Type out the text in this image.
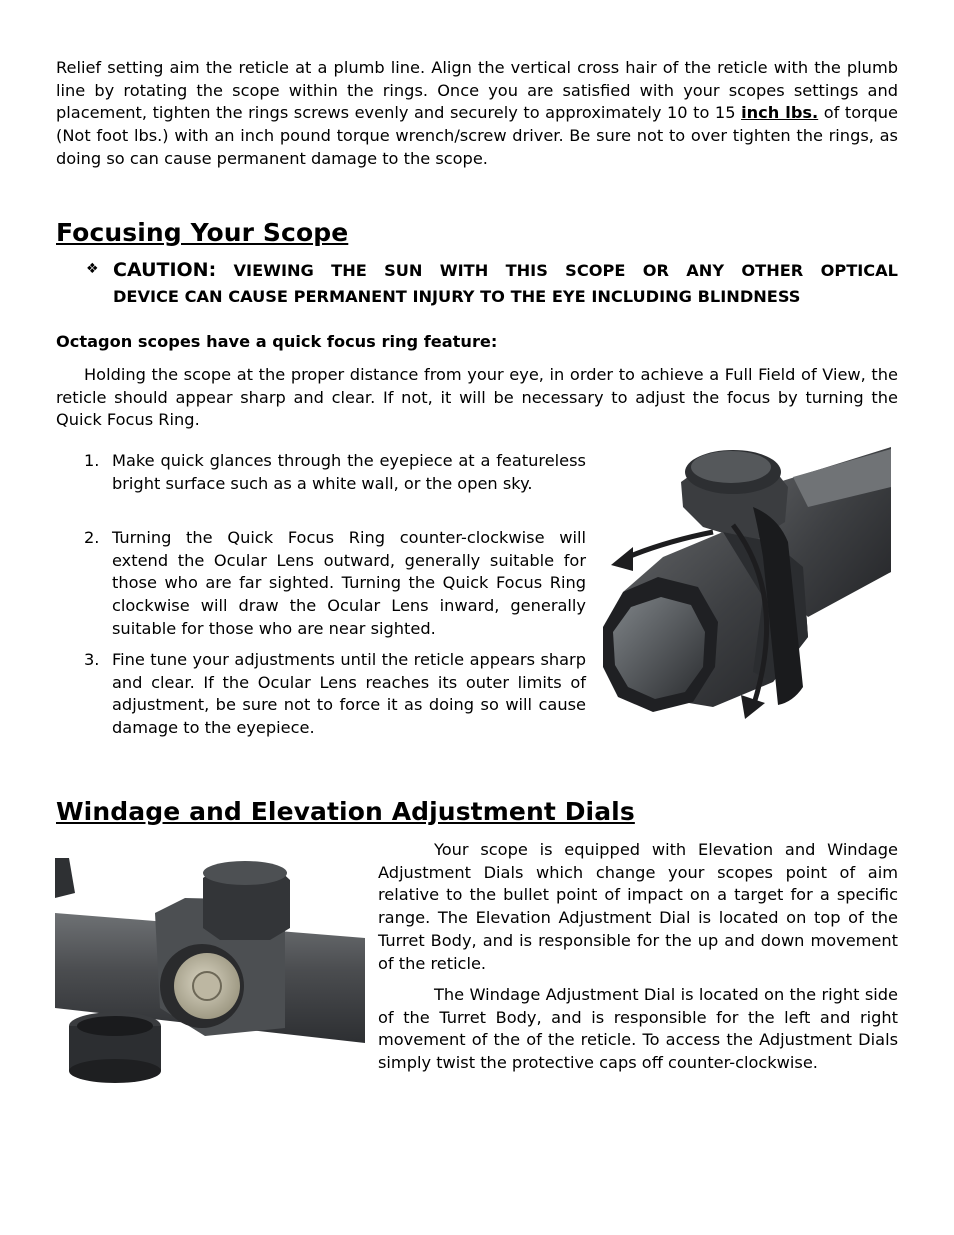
Relief setting aim the reticle at a plumb line. Align the vertical cross hair of the reticle with the plumb line by rotating the scope within the rings. Once you are satisfied with your scopes settings and placement, tighten the rings screws evenly and securely to approximately 10 to 15 inch lbs. of torque (Not foot lbs.) with an inch pound torque wrench/screw driver. Be sure not to over tighten the rings, as doing so can cause permanent damage to the scope.

Focusing Your Scope
❖ CAUTION: VIEWING THE SUN WITH THIS SCOPE OR ANY OTHER OPTICAL
DEVICE CAN CAUSE PERMANENT INJURY TO THE EYE INCLUDING BLINDNESS
Octagon scopes have a quick focus ring feature:

Holding the scope at the proper distance from your eye, in order to achieve a Full Field of View, the reticle should appear sharp and clear. If not, it will be necessary to adjust the focus by turning the Quick Focus Ring.

1. Make quick glances through the eyepiece at a featureless bright surface such as a white wall, or the open sky.
2. Turning the Quick Focus Ring counter-clockwise will extend the Ocular Lens outward, generally suitable for those who are far sighted. Turning the Quick Focus Ring clockwise will draw the Ocular Lens inward, generally suitable for those who are near sighted.
3. Fine tune your adjustments until the reticle appears sharp and clear. If the Ocular Lens reaches its outer limits of adjustment, be sure not to force it as doing so will cause damage to the eyepiece.
Windage and Elevation Adjustment Dials

Your scope is equipped with Elevation and Windage Adjustment Dials which change your scopes point of aim relative to the bullet point of impact on a target for a specific range. The Elevation Adjustment Dial is located on top of the Turret Body, and is responsible for the up and down movement of the reticle.

The Windage Adjustment Dial is located on the right side of the Turret Body, and is responsible for the left and right movement of the of the reticle. To access the Adjustment Dials simply twist the protective caps off counter-clockwise.
